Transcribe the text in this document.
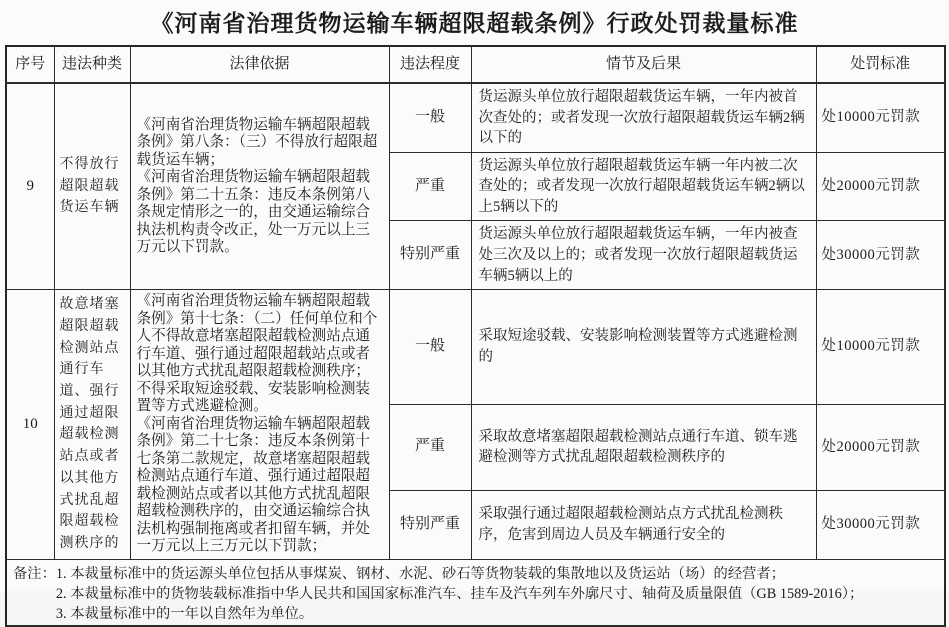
《河南省治理货物运输车辆超限超载条例》行政处罚裁量标准
序号	违法种类	法律依据	违法程度	情节及后果	处罚标准
9	不得放行超限超载货运车辆	《河南省治理货物运输车辆超限超载条例》第八条：（三）不得放行超限超载货运车辆；
《河南省治理货物运输车辆超限超载条例》第二十五条：违反本条例第八条规定情形之一的，由交通运输综合执法机构责令改正，处一万元以上三万元以下罚款。	一般	货运源头单位放行超限超载货运车辆，一年内被首次查处的；或者发现一次放行超限超载货运车辆2辆以下的	处10000元罚款
			严重	货运源头单位放行超限超载货运车辆一年内被二次查处的；或者发现一次放行超限超载货运车辆2辆以上5辆以下的	处20000元罚款
			特别严重	货运源头单位放行超限超载货运车辆，一年内被查处三次及以上的；或者发现一次放行超限超载货运车辆5辆以上的	处30000元罚款
10	故意堵塞超限超载检测站点通行车道、强行通过超限超载检测站点或者以其他方式扰乱超限超载检测秩序的	《河南省治理货物运输车辆超限超载条例》第十七条：（二）任何单位和个人不得故意堵塞超限超载检测站点通行车道、强行通过超限超载站点或者以其他方式扰乱超限超载检测秩序；不得采取短途驳载、安装影响检测装置等方式逃避检测。
《河南省治理货物运输车辆超限超载条例》第二十七条：违反本条例第十七条第二款规定，故意堵塞超限超载检测站点通行车道、强行通过超限超载检测站点或者以其他方式扰乱超限超载检测秩序的，由交通运输综合执法机构强制拖离或者扣留车辆，并处一万元以上三万元以下罚款；	一般	采取短途驳载、安装影响检测装置等方式逃避检测的	处10000元罚款
			严重	采取故意堵塞超限超载检测站点通行车道、锁车逃避检测等方式扰乱超限超载检测秩序的	处20000元罚款
			特别严重	采取强行通过超限超载检测站点方式扰乱检测秩序，危害到周边人员及车辆通行安全的	处30000元罚款

备注： 1. 本裁量标准中的货运源头单位包括从事煤炭、钢材、水泥、砂石等货物装载的集散地以及货运站（场）的经营者；
2. 本裁量标准中的货物装载标准指中华人民共和国国家标准汽车、挂车及汽车列车外廓尺寸、轴荷及质量限值（GB 1589-2016）；
3. 本裁量标准中的一年以自然年为单位。					
